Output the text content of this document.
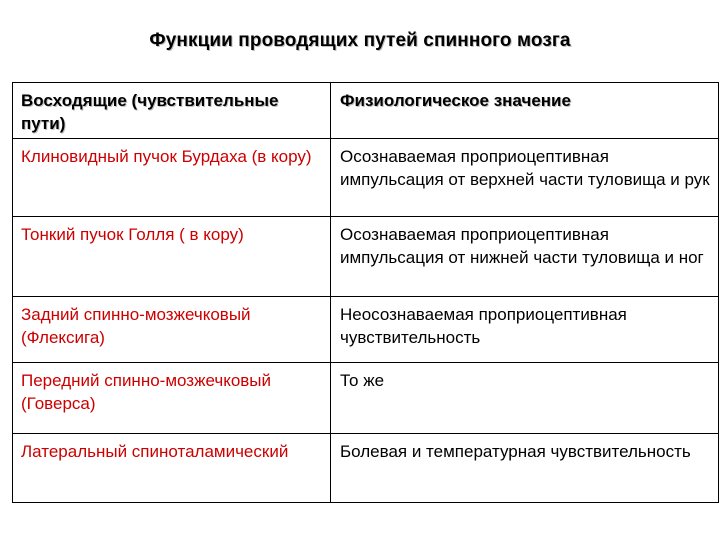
Функции проводящих путей спинного мозга
Восходящие (чувствительные пути)	Физиологическое значение
Клиновидный пучок Бурдаха (в кору)	Осознаваемая проприоцептивная импульсация от верхней части туловища и рук
Тонкий пучок Голля ( в кору)	Осознаваемая проприоцептивная импульсация от нижней части туловища и ног
Задний спинно-мозжечковый (Флексига)	Неосознаваемая проприоцептивная чувствительность
Передний спинно-мозжечковый (Говерса)	То же
Латеральный спиноталамический	Болевая и температурная чувствительность
